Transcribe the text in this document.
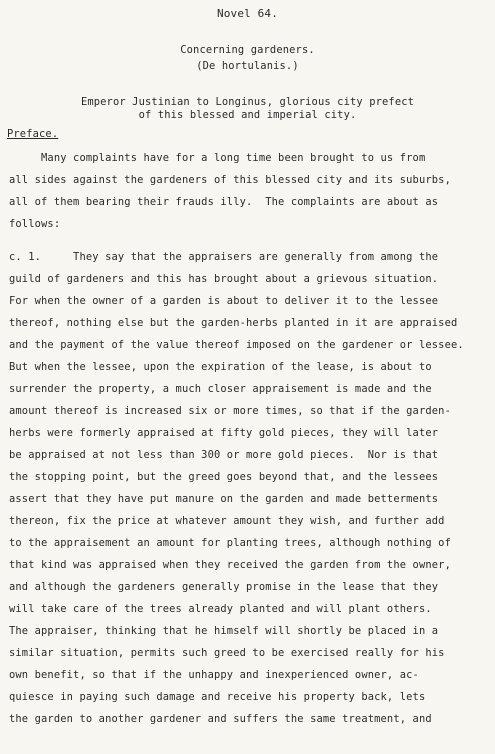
Novel 64.
Concerning gardeners.
(De hortulanis.)
Emperor Justinian to Longinus, glorious city prefect
of this blessed and imperial city.
Preface.
Many complaints have for a long time been brought to us from
all sides against the gardeners of this blessed city and its suburbs,
all of them bearing their frauds illy.  The complaints are about as
follows:
c. 1.     They say that the appraisers are generally from among the
guild of gardeners and this has brought about a grievous situation.
For when the owner of a garden is about to deliver it to the lessee
thereof, nothing else but the garden-herbs planted in it are appraised
and the payment of the value thereof imposed on the gardener or lessee.
But when the lessee, upon the expiration of the lease, is about to
surrender the property, a much closer appraisement is made and the
amount thereof is increased six or more times, so that if the garden-
herbs were formerly appraised at fifty gold pieces, they will later
be appraised at not less than 300 or more gold pieces.  Nor is that
the stopping point, but the greed goes beyond that, and the lessees
assert that they have put manure on the garden and made betterments
thereon, fix the price at whatever amount they wish, and further add
to the appraisement an amount for planting trees, although nothing of
that kind was appraised when they received the garden from the owner,
and although the gardeners generally promise in the lease that they
will take care of the trees already planted and will plant others.
The appraiser, thinking that he himself will shortly be placed in a
similar situation, permits such greed to be exercised really for his
own benefit, so that if the unhappy and inexperienced owner, ac-
quiesce in paying such damage and receive his property back, lets
the garden to another gardener and suffers the same treatment, and
